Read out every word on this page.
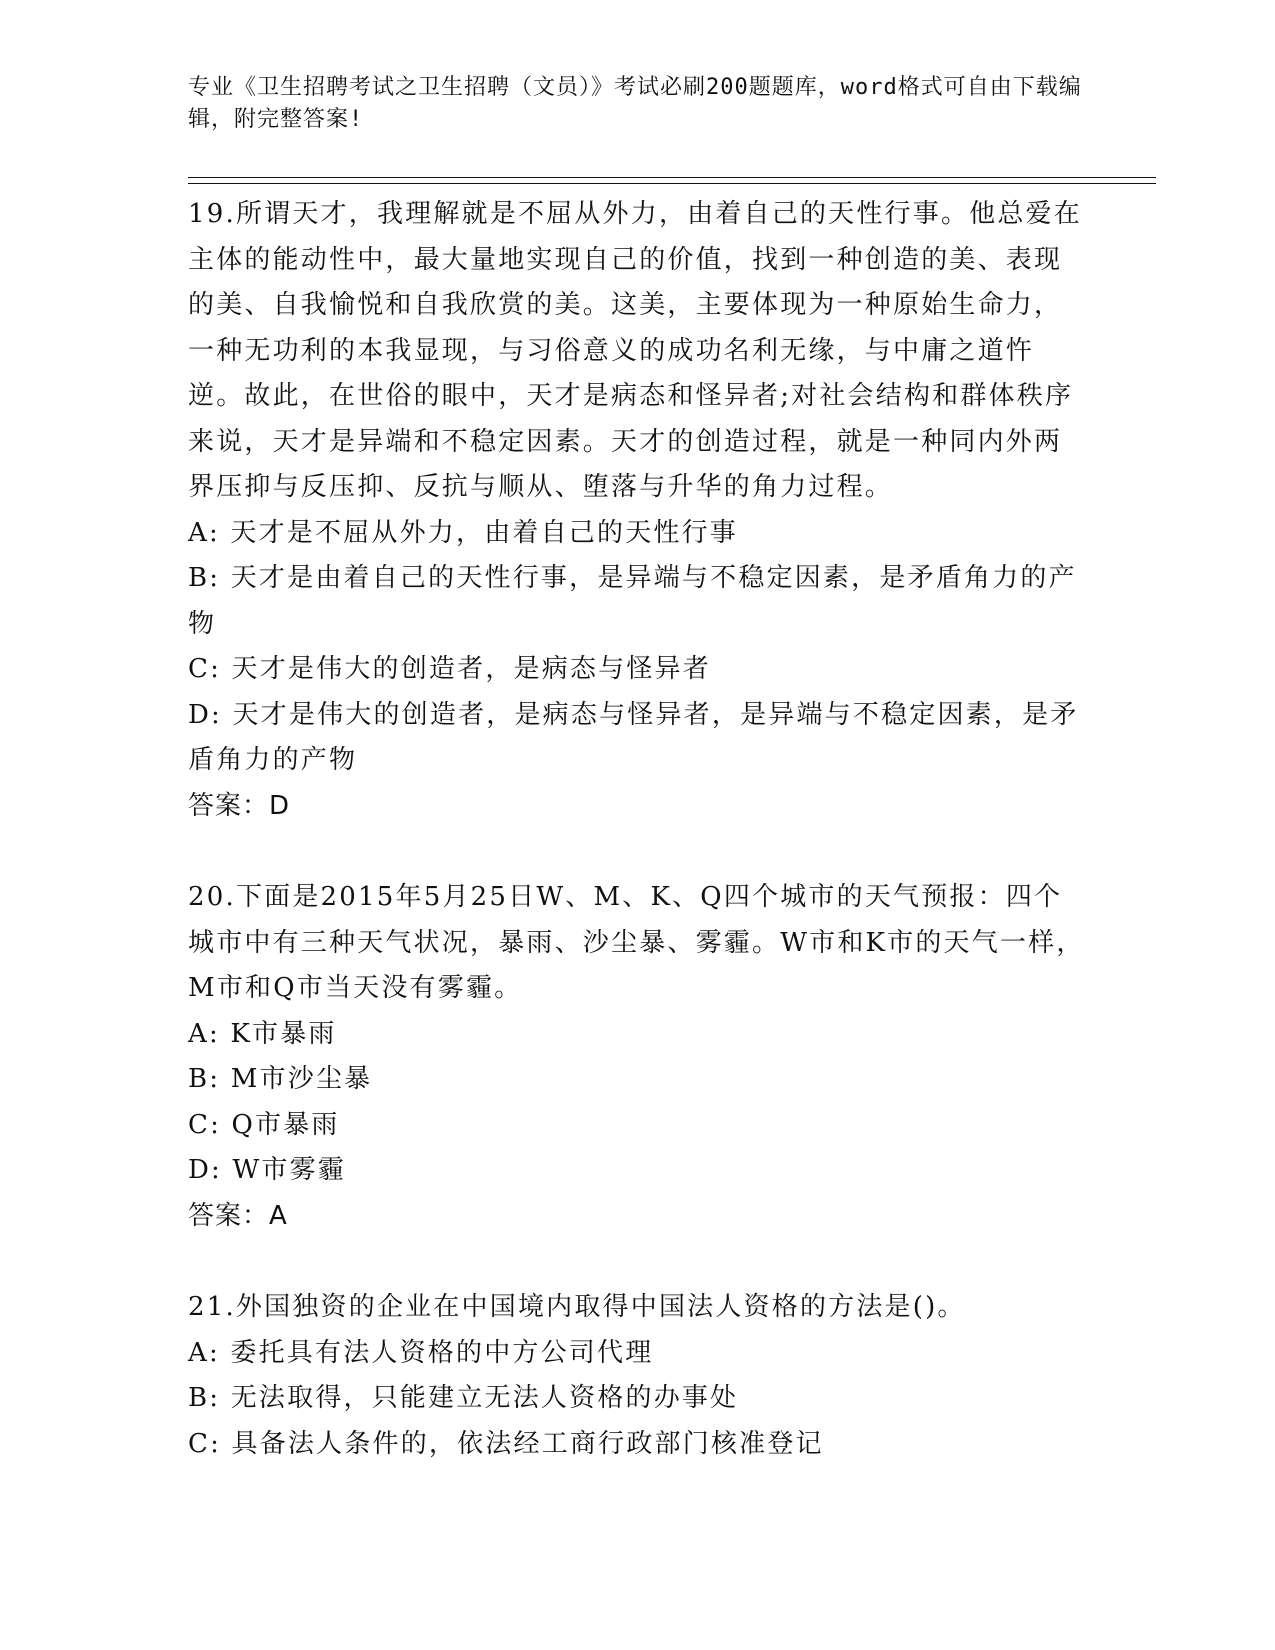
专业《卫生招聘考试之卫生招聘（文员）》考试必刷200题题库，word格式可自由下载编辑，附完整答案!

19.所谓天才，我理解就是不屈从外力，由着自己的天性行事。他总爱在主体的能动性中，最大量地实现自己的价值，找到一种创造的美、表现的美、自我愉悦和自我欣赏的美。这美，主要体现为一种原始生命力，一种无功利的本我显现，与习俗意义的成功名利无缘，与中庸之道忤逆。故此，在世俗的眼中，天才是病态和怪异者;对社会结构和群体秩序来说，天才是异端和不稳定因素。天才的创造过程，就是一种同内外两界压抑与反压抑、反抗与顺从、堕落与升华的角力过程。

A: 天才是不屈从外力，由着自己的天性行事

B: 天才是由着自己的天性行事，是异端与不稳定因素，是矛盾角力的产物

C: 天才是伟大的创造者，是病态与怪异者

D: 天才是伟大的创造者，是病态与怪异者，是异端与不稳定因素，是矛盾角力的产物

答案：D

20.下面是2015年5月25日W、M、K、Q四个城市的天气预报：四个城市中有三种天气状况，暴雨、沙尘暴、雾霾。W市和K市的天气一样，M市和Q市当天没有雾霾。

A: K市暴雨

B: M市沙尘暴

C: Q市暴雨

D: W市雾霾

答案：A

21.外国独资的企业在中国境内取得中国法人资格的方法是()。

A: 委托具有法人资格的中方公司代理

B: 无法取得，只能建立无法人资格的办事处

C: 具备法人条件的，依法经工商行政部门核准登记
